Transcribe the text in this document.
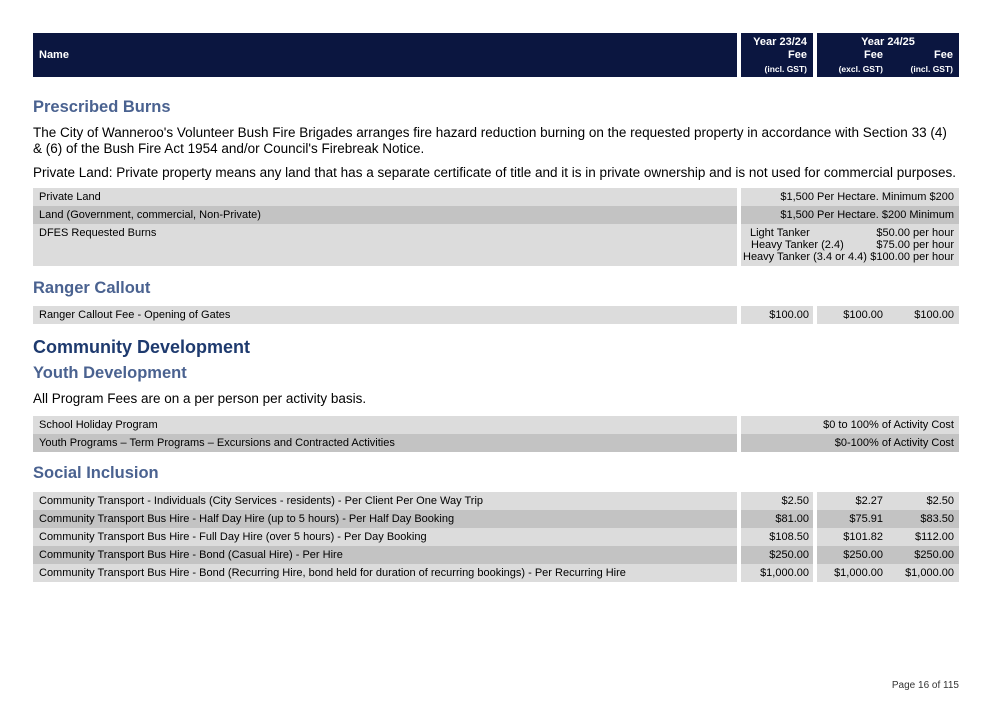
Name
Year 23/24
Fee
(incl. GST)
Year 24/25
Fee	Fee
(excl. GST)	(incl. GST)
Prescribed Burns

The City of Wanneroo's Volunteer Bush Fire Brigades arranges fire hazard reduction burning on the requested property in accordance with Section 33 (4) & (6) of the Bush Fire Act 1954 and/or Council's Firebreak Notice.

Private Land: Private property means any land that has a separate certificate of title and it is in private ownership and is not used for commercial purposes.

Private Land	$1,500 Per Hectare. Minimum $200
Land (Government, commercial, Non-Private)	$1,500 Per Hectare. $200 Minimum
DFES Requested Burns	Light Tanker	$50.00 per hour
Heavy Tanker (2.4)	$75.00 per hour
Heavy Tanker (3.4 or 4.4) $100.00 per hour
Ranger Callout
Ranger Callout Fee - Opening of Gates	$100.00	$100.00	$100.00
Community Development
Youth Development

All Program Fees are on a per person per activity basis.

School Holiday Program	$0 to 100% of Activity Cost
Youth Programs – Term Programs – Excursions and Contracted Activities	$0-100% of Activity Cost
Social Inclusion
Community Transport - Individuals (City Services - residents) - Per Client Per One Way Trip	$2.50	$2.27	$2.50
Community Transport Bus Hire - Half Day Hire (up to 5 hours) - Per Half Day Booking	$81.00	$75.91	$83.50
Community Transport Bus Hire - Full Day Hire (over 5 hours) - Per Day Booking	$108.50	$101.82	$112.00
Community Transport Bus Hire - Bond (Casual Hire) - Per Hire	$250.00	$250.00	$250.00
Community Transport Bus Hire - Bond (Recurring Hire, bond held for duration of recurring bookings) - Per Recurring Hire	$1,000.00	$1,000.00	$1,000.00
Page 16 of 115
